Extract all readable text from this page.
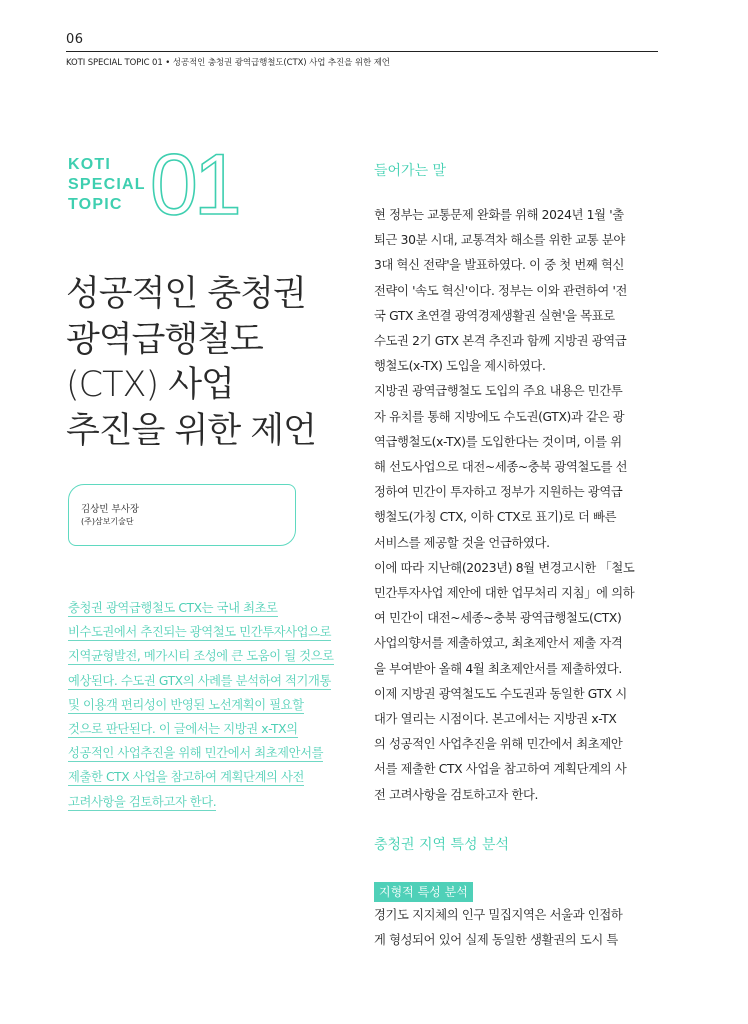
06
KOTI SPECIAL TOPIC 01 • 성공적인 충청권 광역급행철도(CTX) 사업 추진을 위한 제언
KOTI
SPECIAL
TOPIC 01
성공적인 충청권
광역급행철도
(CTX) 사업
추진을 위한 제언
김상민 부사장
(주)삼보기술단
충청권 광역급행철도 CTX는 국내 최초로
비수도권에서 추진되는 광역철도 민간투자사업으로
지역균형발전, 메가시티 조성에 큰 도움이 될 것으로
예상된다. 수도권 GTX의 사례를 분석하여 적기개통
및 이용객 편리성이 반영된 노선계획이 필요할
것으로 판단된다. 이 글에서는 지방권 x-TX의
성공적인 사업추진을 위해 민간에서 최초제안서를
제출한 CTX 사업을 참고하여 계획단계의 사전
고려사항을 검토하고자 한다.
들어가는 말
현 정부는 교통문제 완화를 위해 2024년 1월 '출
퇴근 30분 시대, 교통격차 해소를 위한 교통 분야
3대 혁신 전략'을 발표하였다. 이 중 첫 번째 혁신
전략이 '속도 혁신'이다. 정부는 이와 관련하여 '전
국 GTX 초연결 광역경제생활권 실현'을 목표로
수도권 2기 GTX 본격 추진과 함께 지방권 광역급
행철도(x-TX) 도입을 제시하였다.
지방권 광역급행철도 도입의 주요 내용은 민간투
자 유치를 통해 지방에도 수도권(GTX)과 같은 광
역급행철도(x-TX)를 도입한다는 것이며, 이를 위
해 선도사업으로 대전~세종~충북 광역철도를 선
정하여 민간이 투자하고 정부가 지원하는 광역급
행철도(가칭 CTX, 이하 CTX로 표기)로 더 빠른
서비스를 제공할 것을 언급하였다.
이에 따라 지난해(2023년) 8월 변경고시한 「철도
민간투자사업 제안에 대한 업무처리 지침」에 의하
여 민간이 대전~세종~충북 광역급행철도(CTX)
사업의향서를 제출하였고, 최초제안서 제출 자격
을 부여받아 올해 4월 최초제안서를 제출하였다.
이제 지방권 광역철도도 수도권과 동일한 GTX 시
대가 열리는 시점이다. 본고에서는 지방권 x-TX
의 성공적인 사업추진을 위해 민간에서 최초제안
서를 제출한 CTX 사업을 참고하여 계획단계의 사
전 고려사항을 검토하고자 한다.
충청권 지역 특성 분석
지형적 특성 분석
경기도 지지체의 인구 밀집지역은 서울과 인접하
게 형성되어 있어 실제 동일한 생활권의 도시 특
